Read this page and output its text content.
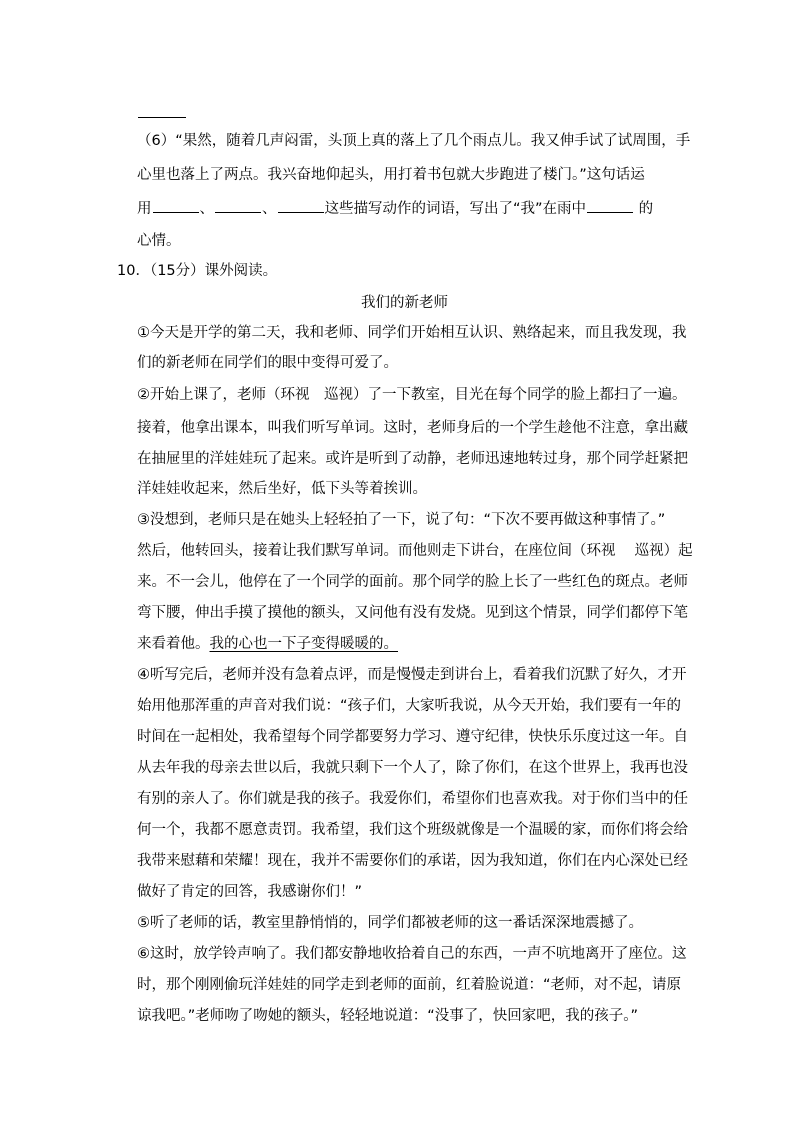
（6）“果然，随着几声闷雷，头顶上真的落上了几个雨点儿。我又伸手试了试周围，手
心里也落上了两点。我兴奋地仰起头，用打着书包就大步跑进了楼门。”这句话运
用	、	、	这些描写动作的词语，写出了“我”在雨中	的
心情。
10．（15分）课外阅读。
我们的新老师
①今天是开学的第二天，我和老师、同学们开始相互认识、熟络起来，而且我发现，我
们的新老师在同学们的眼中变得可爱了。
②开始上课了，老师（环视　巡视）了一下教室，目光在每个同学的脸上都扫了一遍。
接着，他拿出课本，叫我们听写单词。这时，老师身后的一个学生趁他不注意，拿出藏
在抽屉里的洋娃娃玩了起来。或许是听到了动静，老师迅速地转过身，那个同学赶紧把
洋娃娃收起来，然后坐好，低下头等着挨训。
③没想到，老师只是在她头上轻轻拍了一下，说了句：“下次不要再做这种事情了。”
然后，他转回头，接着让我们默写单词。而他则走下讲台，在座位间（环视　 巡视）起
来。不一会儿，他停在了一个同学的面前。那个同学的脸上长了一些红色的斑点。老师
弯下腰，伸出手摸了摸他的额头，又问他有没有发烧。见到这个情景，同学们都停下笔
来看着他。我的心也一下子变得暖暖的。
④听写完后，老师并没有急着点评，而是慢慢走到讲台上，看着我们沉默了好久，才开
始用他那浑重的声音对我们说：“孩子们，大家听我说，从今天开始，我们要有一年的
时间在一起相处，我希望每个同学都要努力学习、遵守纪律，快快乐乐度过这一年。自
从去年我的母亲去世以后，我就只剩下一个人了，除了你们，在这个世界上，我再也没
有别的亲人了。你们就是我的孩子。我爱你们，希望你们也喜欢我。对于你们当中的任
何一个，我都不愿意责罚。我希望，我们这个班级就像是一个温暖的家，而你们将会给
我带来慰藉和荣耀！现在，我并不需要你们的承诺，因为我知道，你们在内心深处已经
做好了肯定的回答，我感谢你们！”
⑤听了老师的话，教室里静悄悄的，同学们都被老师的这一番话深深地震撼了。
⑥这时，放学铃声响了。我们都安静地收拾着自己的东西，一声不吭地离开了座位。这
时，那个刚刚偷玩洋娃娃的同学走到老师的面前，红着脸说道：“老师，对不起，请原
谅我吧。”老师吻了吻她的额头，轻轻地说道：“没事了，快回家吧，我的孩子。”
